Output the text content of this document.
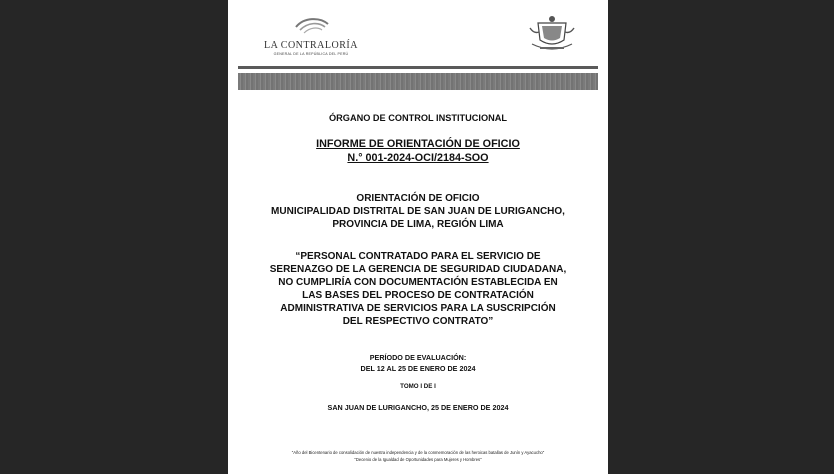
LA CONTRALORÍA
GENERAL DE LA REPÚBLICA DEL PERÚ
ÓRGANO DE CONTROL INSTITUCIONAL
INFORME DE ORIENTACIÓN DE OFICIO
N.° 001-2024-OCI/2184-SOO
ORIENTACIÓN DE OFICIO
MUNICIPALIDAD DISTRITAL DE SAN JUAN DE LURIGANCHO,
PROVINCIA DE LIMA, REGIÓN LIMA
“PERSONAL CONTRATADO PARA EL SERVICIO DE
SERENAZGO DE LA GERENCIA DE SEGURIDAD CIUDADANA,
NO CUMPLIRÍA CON DOCUMENTACIÓN ESTABLECIDA EN
LAS BASES DEL PROCESO DE CONTRATACIÓN
ADMINISTRATIVA DE SERVICIOS PARA LA SUSCRIPCIÓN
DEL RESPECTIVO CONTRATO”
PERÍODO DE EVALUACIÓN:
DEL 12 AL 25 DE ENERO DE 2024
TOMO I DE I
SAN JUAN DE LURIGANCHO, 25 DE ENERO DE 2024
"Año del Bicentenario de consolidación de nuestra independencia y de la conmemoración de las heroicas batallas de Junín y Ayacucho"
"Decenio de la Igualdad de Oportunidades para Mujeres y Hombres"
